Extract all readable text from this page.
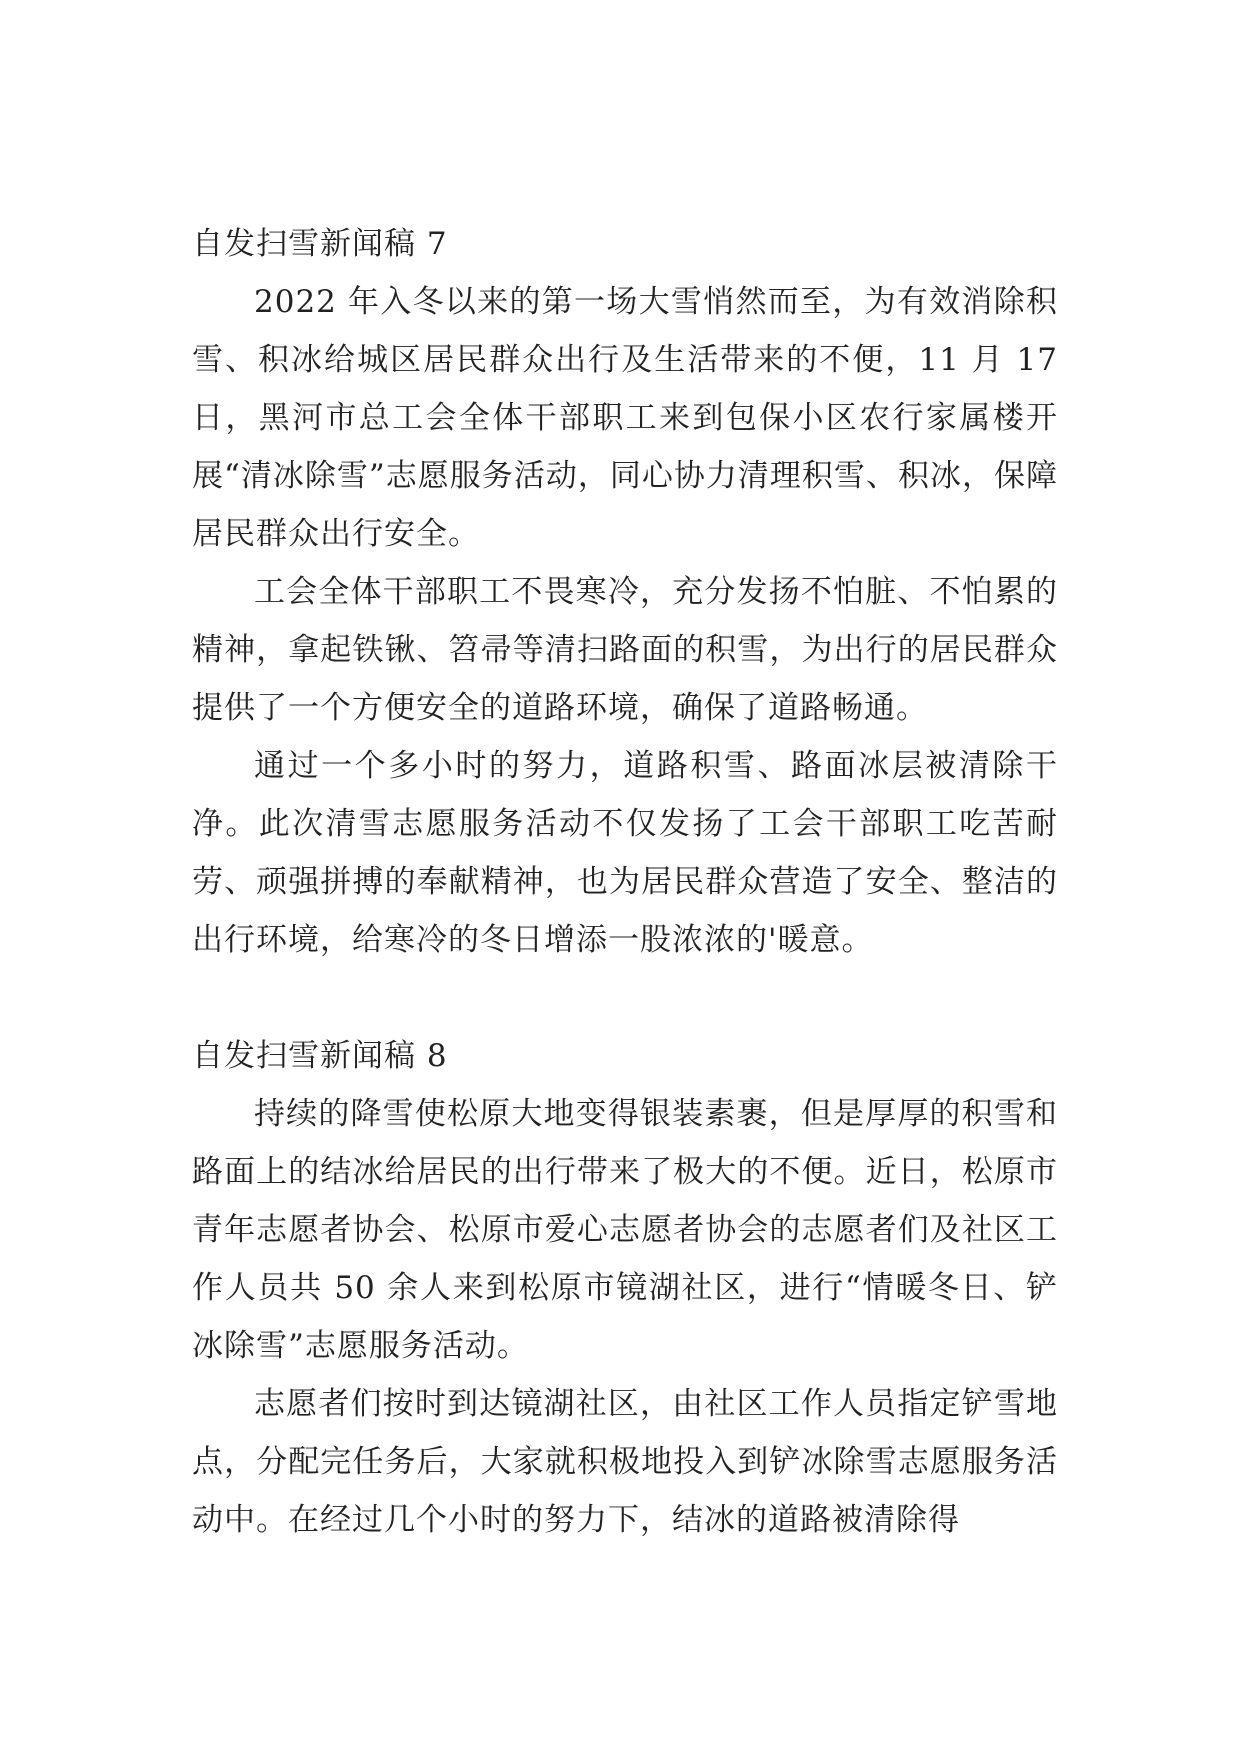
自发扫雪新闻稿 7

2022 年入冬以来的第一场大雪悄然而至，为有效消除积雪、积冰给城区居民群众出行及生活带来的不便，11 月 17 日，黑河市总工会全体干部职工来到包保小区农行家属楼开展“清冰除雪”志愿服务活动，同心协力清理积雪、积冰，保障居民群众出行安全。

工会全体干部职工不畏寒冷，充分发扬不怕脏、不怕累的精神，拿起铁锹、笤帚等清扫路面的积雪，为出行的居民群众提供了一个方便安全的道路环境，确保了道路畅通。

通过一个多小时的努力，道路积雪、路面冰层被清除干净。此次清雪志愿服务活动不仅发扬了工会干部职工吃苦耐劳、顽强拼搏的奉献精神，也为居民群众营造了安全、整洁的出行环境，给寒冷的冬日增添一股浓浓的'暖意。

自发扫雪新闻稿 8

持续的降雪使松原大地变得银装素裹，但是厚厚的积雪和路面上的结冰给居民的出行带来了极大的不便。近日，松原市青年志愿者协会、松原市爱心志愿者协会的志愿者们及社区工作人员共 50 余人来到松原市镜湖社区，进行“情暖冬日、铲冰除雪”志愿服务活动。

志愿者们按时到达镜湖社区，由社区工作人员指定铲雪地点，分配完任务后，大家就积极地投入到铲冰除雪志愿服务活动中。在经过几个小时的努力下，结冰的道路被清除得
